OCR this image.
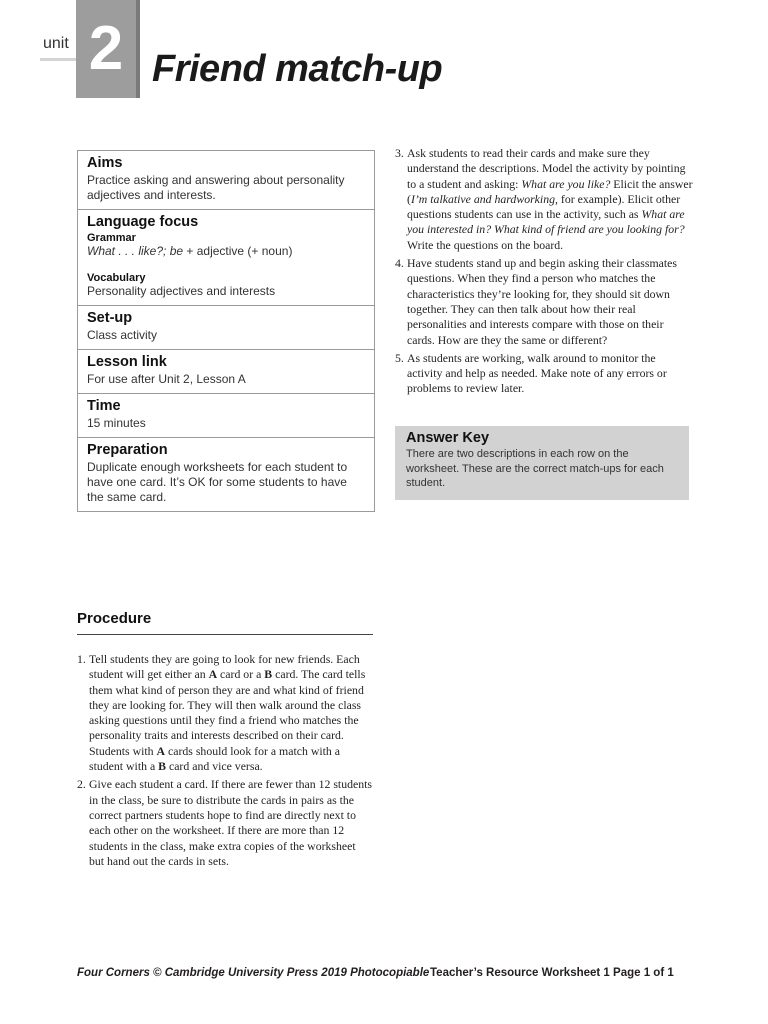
unit 2 Friend match-up
Aims
Practice asking and answering about personality adjectives and interests.
Language focus
Grammar
What . . . like?; be + adjective (+ noun)
Vocabulary
Personality adjectives and interests
Set-up
Class activity
Lesson link
For use after Unit 2, Lesson A
Time
15 minutes
Preparation
Duplicate enough worksheets for each student to have one card. It’s OK for some students to have the same card.
Procedure
1. Tell students they are going to look for new friends. Each student will get either an A card or a B card. The card tells them what kind of person they are and what kind of friend they are looking for. They will then walk around the class asking questions until they find a friend who matches the personality traits and interests described on their card. Students with A cards should look for a match with a student with a B card and vice versa.
2. Give each student a card. If there are fewer than 12 students in the class, be sure to distribute the cards in pairs as the correct partners students hope to find are directly next to each other on the worksheet. If there are more than 12 students in the class, make extra copies of the worksheet but hand out the cards in sets.
3. Ask students to read their cards and make sure they understand the descriptions. Model the activity by pointing to a student and asking: What are you like? Elicit the answer (I’m talkative and hardworking, for example). Elicit other questions students can use in the activity, such as What are you interested in? What kind of friend are you looking for? Write the questions on the board.
4. Have students stand up and begin asking their classmates questions. When they find a person who matches the characteristics they’re looking for, they should sit down together. They can then talk about how their real personalities and interests compare with those on their cards. How are they the same or different?
5. As students are working, walk around to monitor the activity and help as needed. Make note of any errors or problems to review later.
Answer Key
There are two descriptions in each row on the worksheet. These are the correct match-ups for each student.
Four Corners © Cambridge University Press 2019 Photocopiable Teacher’s Resource Worksheet 1 Page 1 of 1
